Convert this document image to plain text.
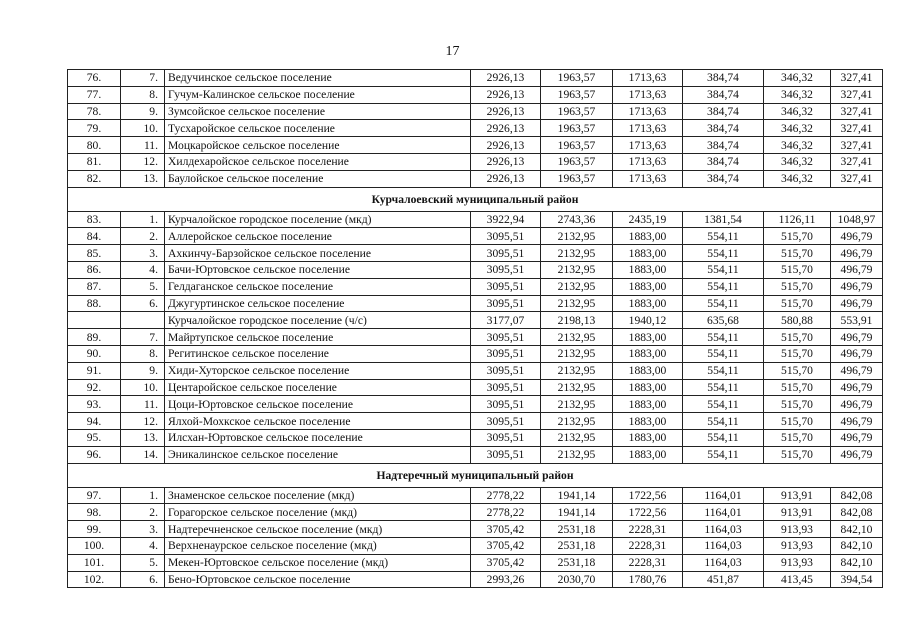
17
76.	7.	Ведучинское сельское поселение	2926,13	1963,57	1713,63	384,74	346,32	327,41
77.	8.	Гучум-Калинское сельское поселение	2926,13	1963,57	1713,63	384,74	346,32	327,41
78.	9.	Зумсойское сельское поселение	2926,13	1963,57	1713,63	384,74	346,32	327,41
79.	10.	Тусхаройское сельское поселение	2926,13	1963,57	1713,63	384,74	346,32	327,41
80.	11.	Моцкаройское сельское поселение	2926,13	1963,57	1713,63	384,74	346,32	327,41
81.	12.	Хилдехаройское сельское поселение	2926,13	1963,57	1713,63	384,74	346,32	327,41
82.	13.	Баулойское сельское поселение	2926,13	1963,57	1713,63	384,74	346,32	327,41
Курчалоевский муниципальный район								
83.	1.	Курчалойское городское поселение (мкд)	3922,94	2743,36	2435,19	1381,54	1126,11	1048,97
84.	2.	Аллеройское сельское поселение	3095,51	2132,95	1883,00	554,11	515,70	496,79
85.	3.	Ахкинчу-Барзойское сельское поселение	3095,51	2132,95	1883,00	554,11	515,70	496,79
86.	4.	Бачи-Юртовское сельское поселение	3095,51	2132,95	1883,00	554,11	515,70	496,79
87.	5.	Гелдаганское сельское поселение	3095,51	2132,95	1883,00	554,11	515,70	496,79
88.	6.	Джугуртинское сельское поселение	3095,51	2132,95	1883,00	554,11	515,70	496,79
		Курчалойское городское поселение (ч/с)	3177,07	2198,13	1940,12	635,68	580,88	553,91
89.	7.	Майртупское сельское поселение	3095,51	2132,95	1883,00	554,11	515,70	496,79
90.	8.	Регитинское сельское поселение	3095,51	2132,95	1883,00	554,11	515,70	496,79
91.	9.	Хиди-Хуторское сельское поселение	3095,51	2132,95	1883,00	554,11	515,70	496,79
92.	10.	Центаройское сельское поселение	3095,51	2132,95	1883,00	554,11	515,70	496,79
93.	11.	Цоци-Юртовское сельское поселение	3095,51	2132,95	1883,00	554,11	515,70	496,79
94.	12.	Ялхой-Мохкское сельское поселение	3095,51	2132,95	1883,00	554,11	515,70	496,79
95.	13.	Илсхан-Юртовское сельское поселение	3095,51	2132,95	1883,00	554,11	515,70	496,79
96.	14.	Эникалинское сельское поселение	3095,51	2132,95	1883,00	554,11	515,70	496,79
Надтеречный муниципальный район								
97.	1.	Знаменское сельское поселение (мкд)	2778,22	1941,14	1722,56	1164,01	913,91	842,08
98.	2.	Горагорское сельское поселение (мкд)	2778,22	1941,14	1722,56	1164,01	913,91	842,08
99.	3.	Надтеречненское сельское поселение (мкд)	3705,42	2531,18	2228,31	1164,03	913,93	842,10
100.	4.	Верхненаурское сельское поселение (мкд)	3705,42	2531,18	2228,31	1164,03	913,93	842,10
101.	5.	Мекен-Юртовское сельское поселение (мкд)	3705,42	2531,18	2228,31	1164,03	913,93	842,10
102.	6.	Бено-Юртовское сельское поселение	2993,26	2030,70	1780,76	451,87	413,45	394,54
